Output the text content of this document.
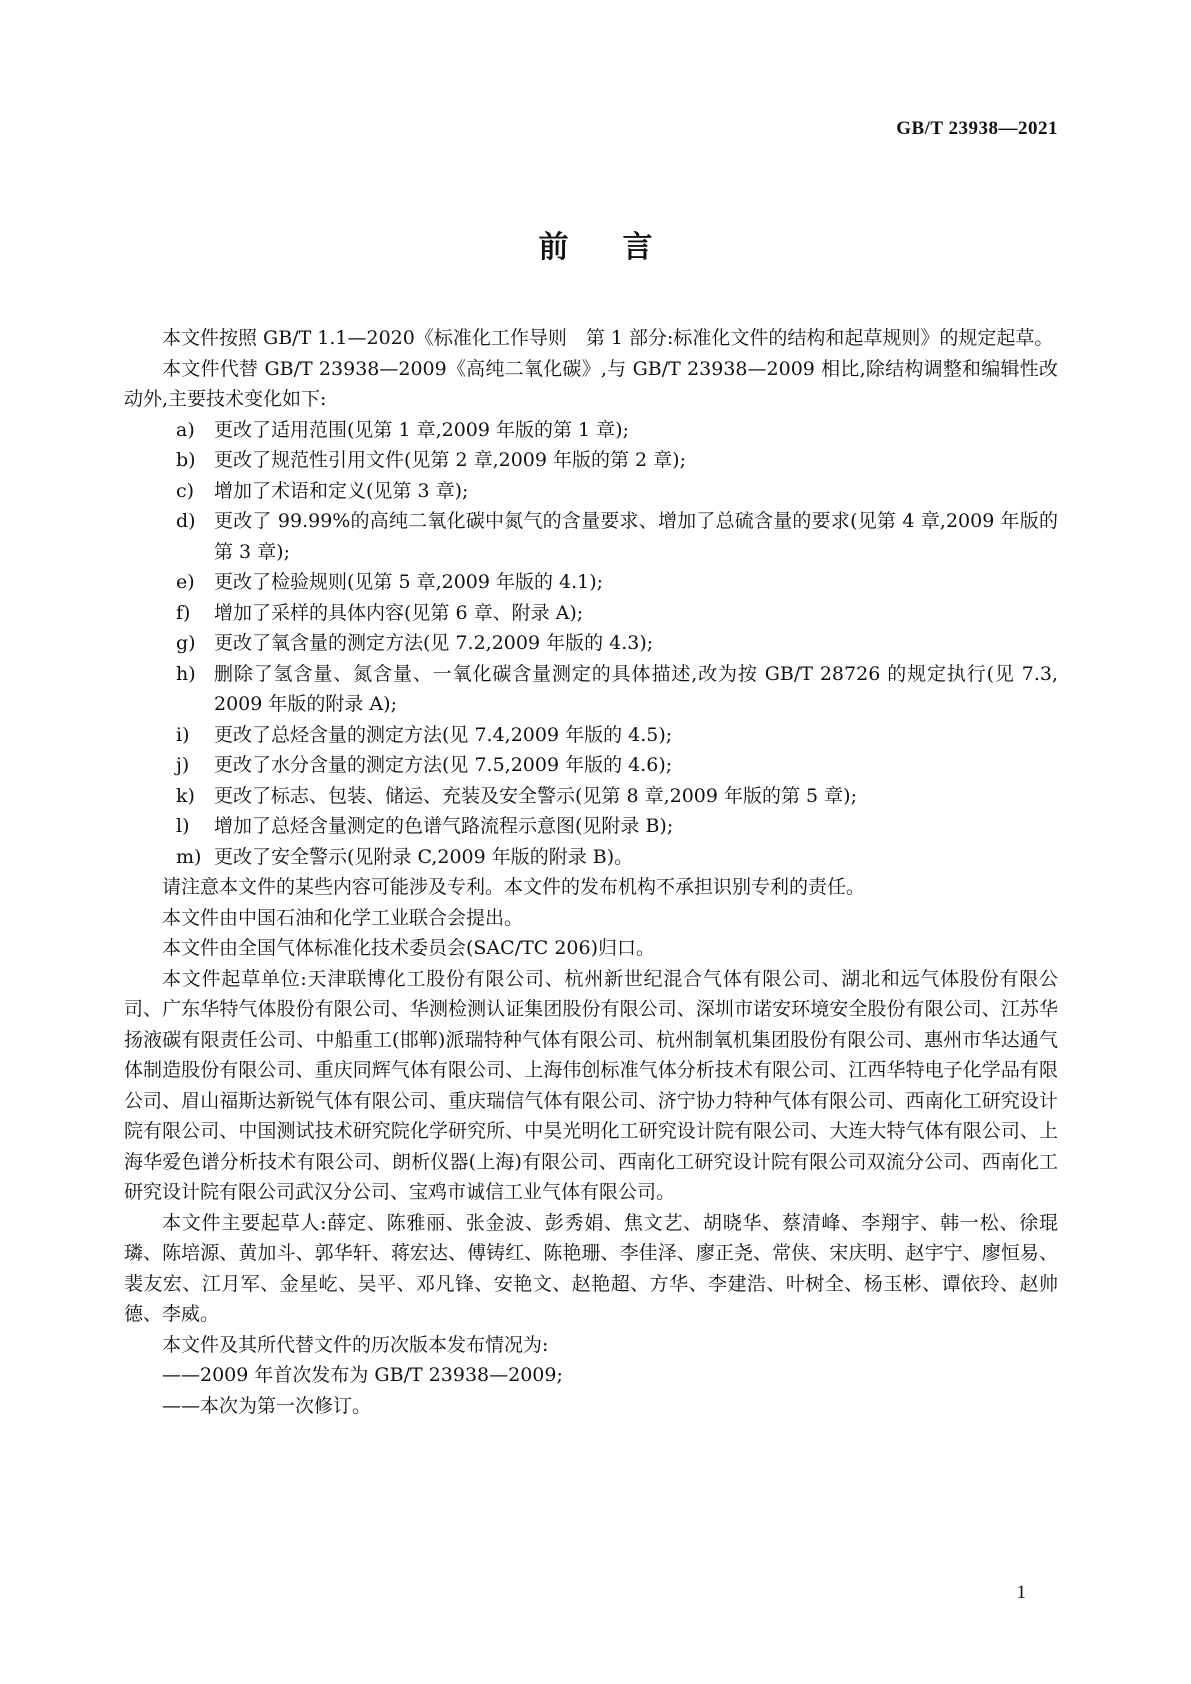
GB/T 23938—2021
前 言

本文件按照 GB/T 1.1—2020《标准化工作导则　第 1 部分:标准化文件的结构和起草规则》的规定起草。

本文件代替 GB/T 23938—2009《高纯二氧化碳》,与 GB/T 23938—2009 相比,除结构调整和编辑性改动外,主要技术变化如下:

a) 更改了适用范围(见第 1 章,2009 年版的第 1 章);

b) 更改了规范性引用文件(见第 2 章,2009 年版的第 2 章);

c) 增加了术语和定义(见第 3 章);

d) 更改了 99.99%的高纯二氧化碳中氮气的含量要求、增加了总硫含量的要求(见第 4 章,2009 年版的第 3 章);

e) 更改了检验规则(见第 5 章,2009 年版的 4.1);

f) 增加了采样的具体内容(见第 6 章、附录 A);

g) 更改了氧含量的测定方法(见 7.2,2009 年版的 4.3);

h) 删除了氢含量、氮含量、一氧化碳含量测定的具体描述,改为按 GB/T 28726 的规定执行(见 7.3, 2009 年版的附录 A);

i) 更改了总烃含量的测定方法(见 7.4,2009 年版的 4.5);

j) 更改了水分含量的测定方法(见 7.5,2009 年版的 4.6);

k) 更改了标志、包装、储运、充装及安全警示(见第 8 章,2009 年版的第 5 章);

l) 增加了总烃含量测定的色谱气路流程示意图(见附录 B);

m) 更改了安全警示(见附录 C,2009 年版的附录 B)。

请注意本文件的某些内容可能涉及专利。本文件的发布机构不承担识别专利的责任。

本文件由中国石油和化学工业联合会提出。

本文件由全国气体标准化技术委员会(SAC/TC 206)归口。

本文件起草单位:天津联博化工股份有限公司、杭州新世纪混合气体有限公司、湖北和远气体股份有限公司、广东华特气体股份有限公司、华测检测认证集团股份有限公司、深圳市诺安环境安全股份有限公司、江苏华扬液碳有限责任公司、中船重工(邯郸)派瑞特种气体有限公司、杭州制氧机集团股份有限公司、惠州市华达通气体制造股份有限公司、重庆同辉气体有限公司、上海伟创标准气体分析技术有限公司、江西华特电子化学品有限公司、眉山福斯达新锐气体有限公司、重庆瑞信气体有限公司、济宁协力特种气体有限公司、西南化工研究设计院有限公司、中国测试技术研究院化学研究所、中昊光明化工研究设计院有限公司、大连大特气体有限公司、上海华爱色谱分析技术有限公司、朗析仪器(上海)有限公司、西南化工研究设计院有限公司双流分公司、西南化工研究设计院有限公司武汉分公司、宝鸡市诚信工业气体有限公司。

本文件主要起草人:薛定、陈雅丽、张金波、彭秀娟、焦文艺、胡晓华、蔡清峰、李翔宇、韩一松、徐琨璘、陈培源、黄加斗、郭华轩、蒋宏达、傅铸红、陈艳珊、李佳泽、廖正尧、常侠、宋庆明、赵宇宁、廖恒易、裴友宏、江月军、金星屹、吴平、邓凡锋、安艳文、赵艳超、方华、李建浩、叶树全、杨玉彬、谭依玲、赵帅德、李威。

本文件及其所代替文件的历次版本发布情况为:

——2009 年首次发布为 GB/T 23938—2009;

——本次为第一次修订。

1
